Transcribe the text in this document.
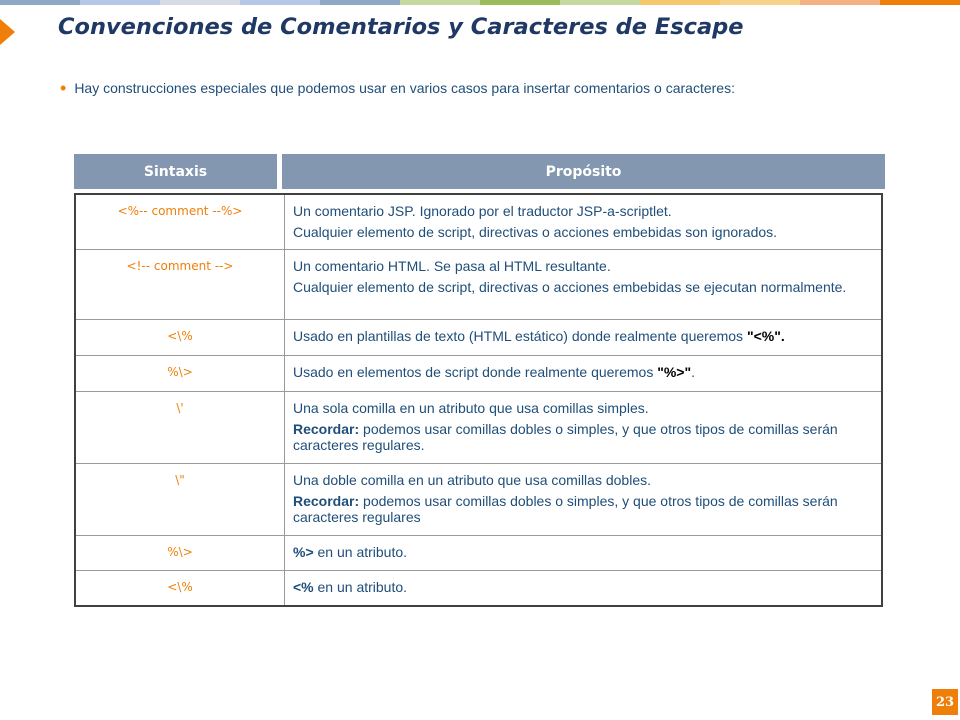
Convenciones de Comentarios y Caracteres de Escape
• Hay construcciones especiales que podemos usar en varios casos para insertar comentarios o caracteres:
Sintaxis	Propósito
<%-- comment --%>	Un comentario JSP. Ignorado por el traductor JSP-a-scriptlet.

Cualquier elemento de script, directivas o acciones embebidas son ignorados.

<!-- comment -->	Un comentario HTML. Se pasa al HTML resultante.

Cualquier elemento de script, directivas o acciones embebidas se ejecutan normalmente.

<\%	Usado en plantillas de texto (HTML estático) donde realmente queremos "<%".

%\>	Usado en elementos de script donde realmente queremos "%>".

\'	Una sola comilla en un atributo que usa comillas simples.

Recordar: podemos usar comillas dobles o simples, y que otros tipos de comillas serán caracteres regulares.

\"	Una doble comilla en un atributo que usa comillas dobles.

Recordar: podemos usar comillas dobles o simples, y que otros tipos de comillas serán caracteres regulares

%\>	%> en un atributo.

<\%	<% en un atributo.

23
